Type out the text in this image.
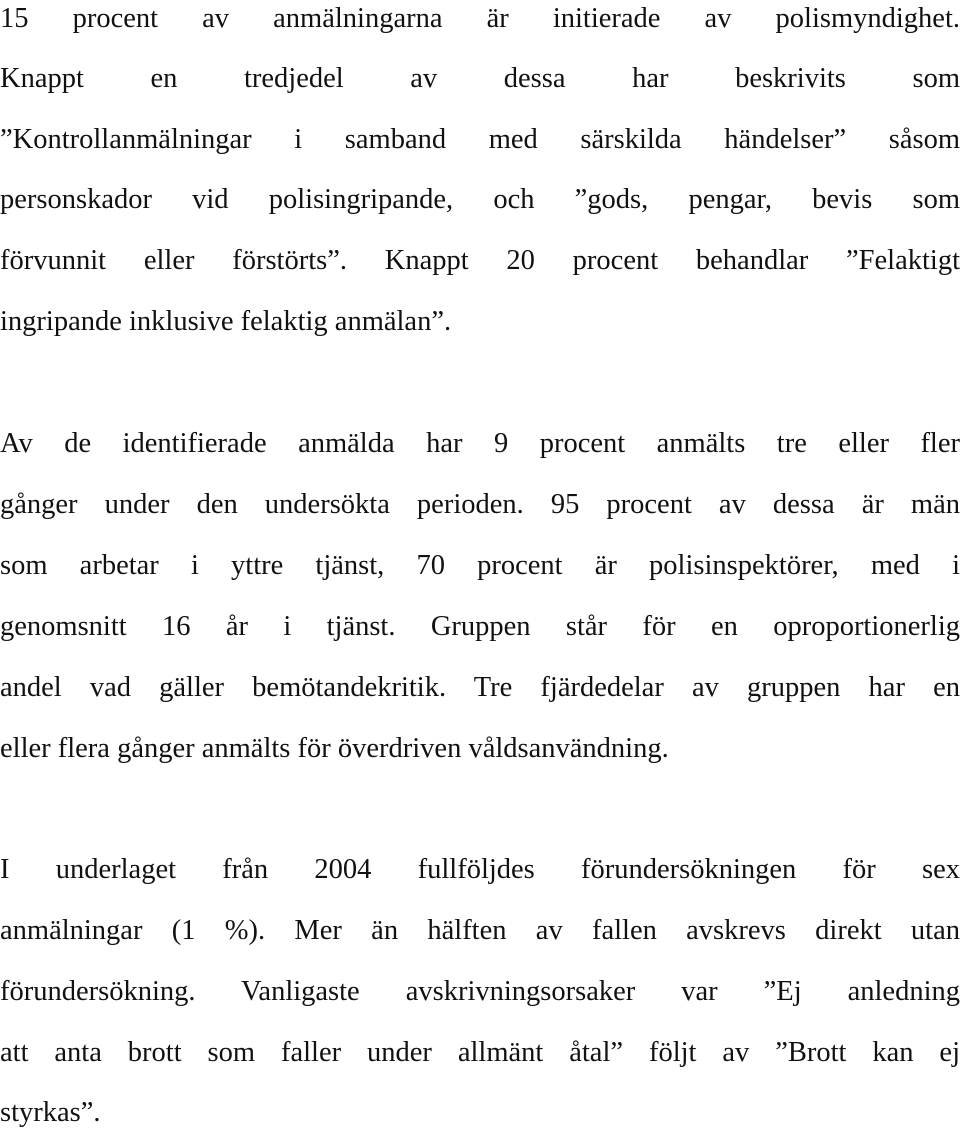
15 procent av anmälningarna är initierade av polismyndighet.
Knappt en tredjedel av dessa har beskrivits som
”Kontrollanmälningar i samband med särskilda händelser” såsom
personskador vid polisingripande, och ”gods, pengar, bevis som
förvunnit eller förstörts”. Knappt 20 procent behandlar ”Felaktigt
ingripande inklusive felaktig anmälan”.
Av de identifierade anmälda har 9 procent anmälts tre eller fler
gånger under den undersökta perioden. 95 procent av dessa är män
som arbetar i yttre tjänst, 70 procent är polisinspektörer, med i
genomsnitt 16 år i tjänst. Gruppen står för en oproportionerlig
andel vad gäller bemötandekritik. Tre fjärdedelar av gruppen har en
eller flera gånger anmälts för överdriven våldsanvändning.
I underlaget från 2004 fullföljdes förundersökningen för sex
anmälningar (1 %). Mer än hälften av fallen avskrevs direkt utan
förundersökning. Vanligaste avskrivningsorsaker var ”Ej anledning
att anta brott som faller under allmänt åtal” följt av ”Brott kan ej
styrkas”.
